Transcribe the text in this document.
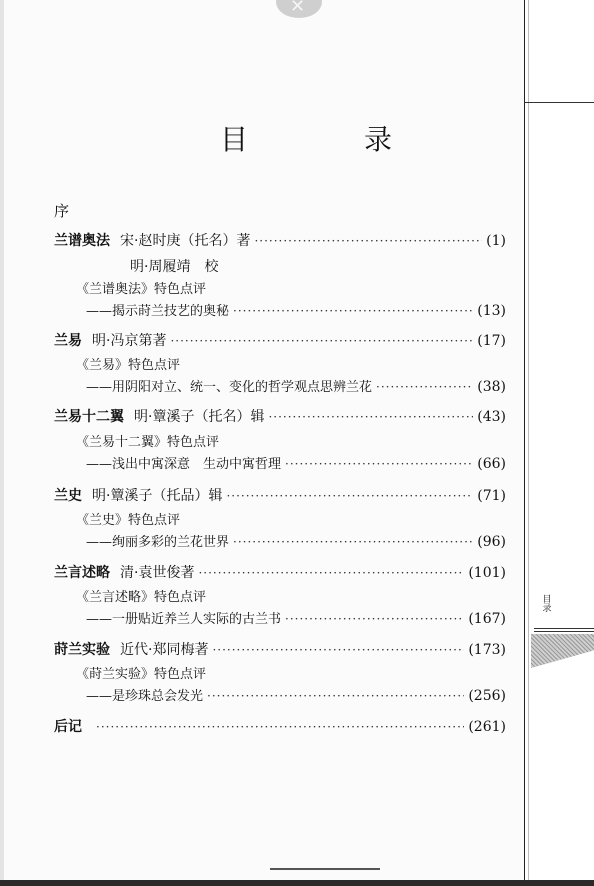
✕
目录
目　录
序
兰谱奥法 宋·赵时庚（托名）著 ·····	(1)
明·周履靖　校
《兰谱奥法》特色点评
——揭示莳兰技艺的奥秘 ·····	(13)
兰易 明·冯京第著 ·····	(17)
《兰易》特色点评
——用阴阳对立、统一、变化的哲学观点思辨兰花 ·····	(38)
兰易十二翼 明·簟溪子（托名）辑 ·····	(43)
《兰易十二翼》特色点评
——浅出中寓深意　生动中寓哲理 ·····	(66)
兰史 明·簟溪子（托品）辑 ·····	(71)
《兰史》特色点评
——绚丽多彩的兰花世界 ·····	(96)
兰言述略 清·袁世俊著 ·····	(101)
《兰言述略》特色点评
——一册贴近养兰人实际的古兰书 ·····	(167)
莳兰实验 近代·郑同梅著 ·····	(173)
《莳兰实验》特色点评
——是珍珠总会发光 ·····	(256)
后记 ·····	(261)
